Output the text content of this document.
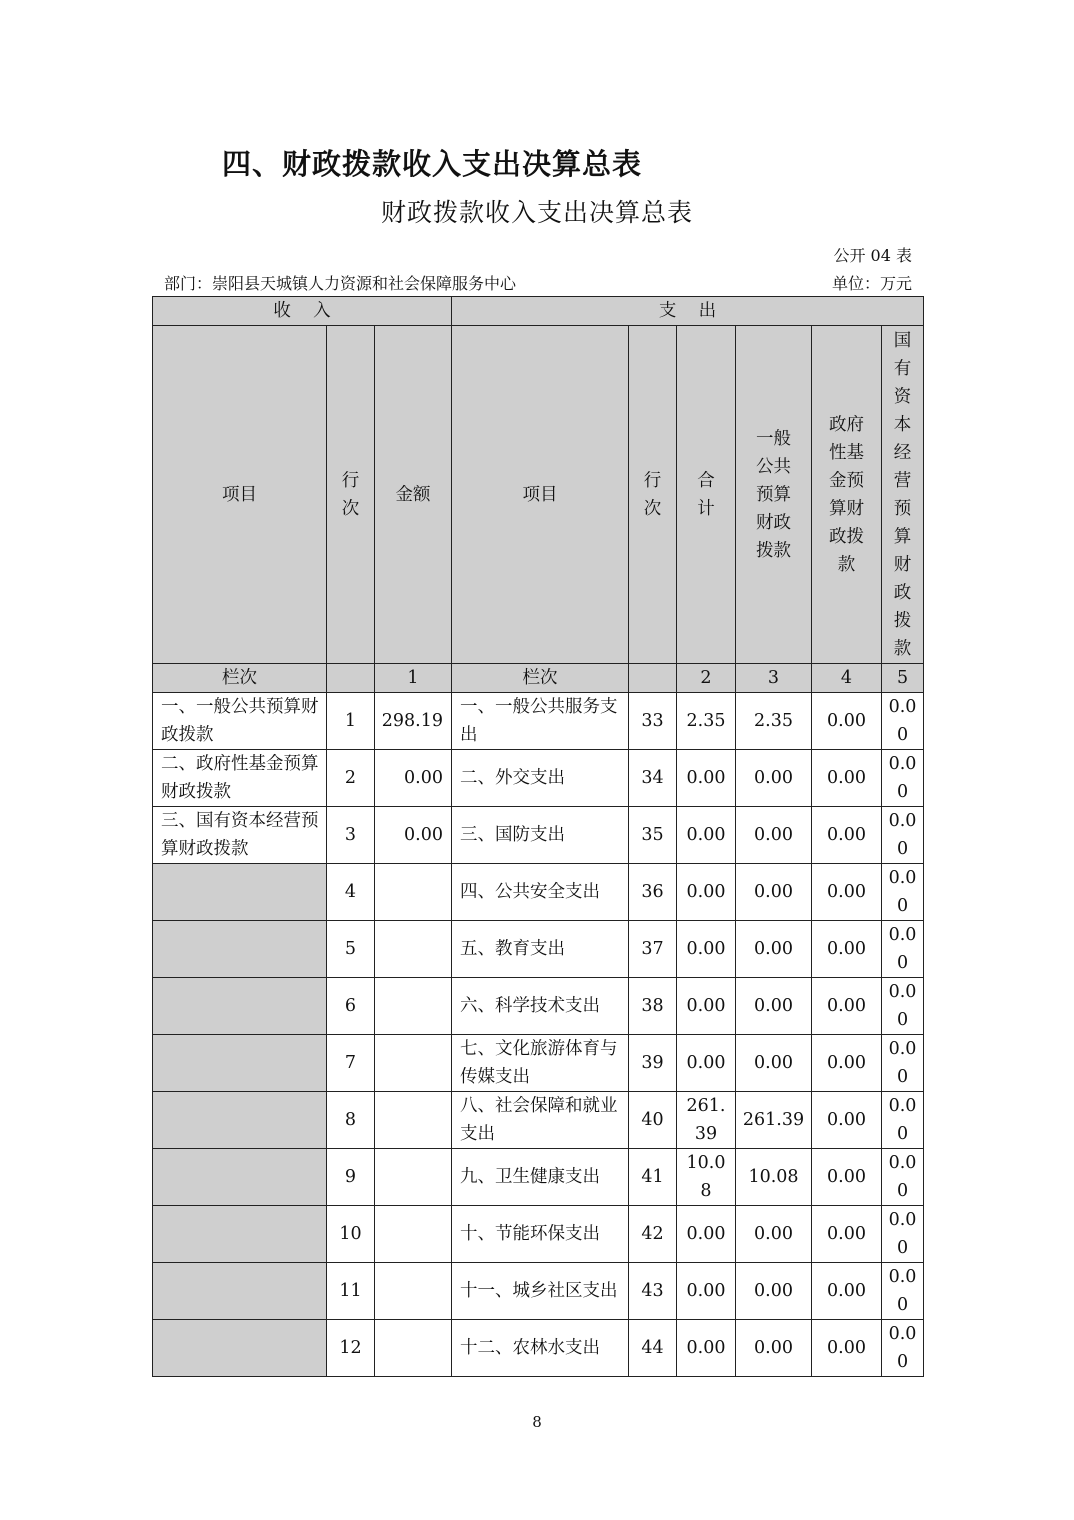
四、财政拨款收入支出决算总表
财政拨款收入支出决算总表
公开 04 表
部门：崇阳县天城镇人力资源和社会保障服务中心	单位：万元
收    入			支    出					
项目	行次	金额	项目	行次	合计	一般公共预算财政拨款	政府性基金预算财政拨款	国有资本经营预算财政拨款

栏次		1	栏次		2	3	4	5
一、一般公共预算财政拨款	1	298.19	一、一般公共服务支出	33	2.35	2.35	0.00	0.00
二、政府性基金预算财政拨款	2	0.00	二、外交支出	34	0.00	0.00	0.00	0.00
三、国有资本经营预算财政拨款	3	0.00	三、国防支出	35	0.00	0.00	0.00	0.00
	4		四、公共安全支出	36	0.00	0.00	0.00	0.00
	5		五、教育支出	37	0.00	0.00	0.00	0.00
	6		六、科学技术支出	38	0.00	0.00	0.00	0.00
	7		七、文化旅游体育与传媒支出	39	0.00	0.00	0.00	0.00
	8		八、社会保障和就业支出	40	261.39	261.39	0.00	0.00
	9		九、卫生健康支出	41	10.08	10.08	0.00	0.00
	10		十、节能环保支出	42	0.00	0.00	0.00	0.00
	11		十一、城乡社区支出	43	0.00	0.00	0.00	0.00
	12		十二、农林水支出	44	0.00	0.00	0.00	0.00
8
